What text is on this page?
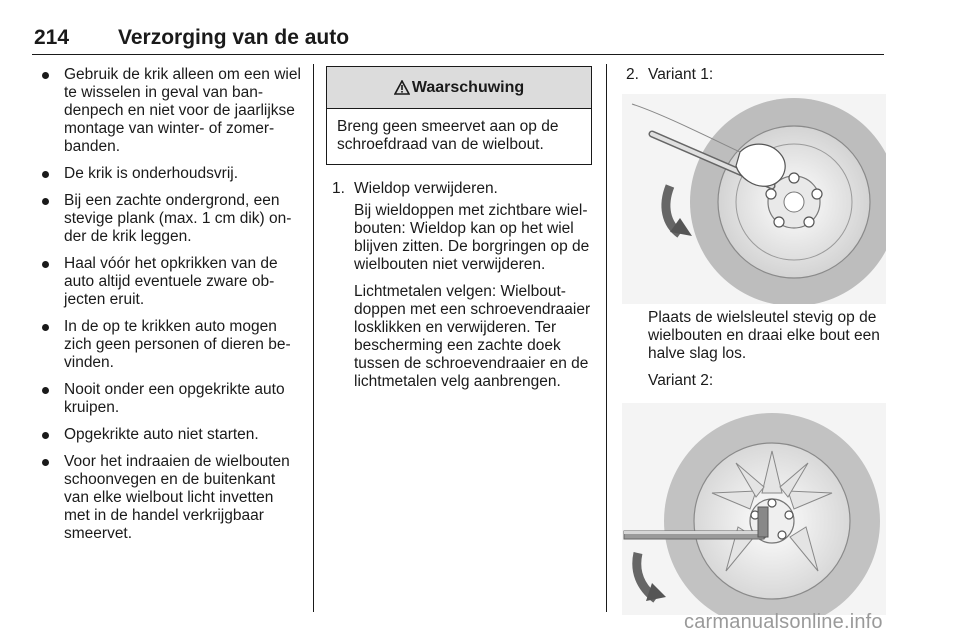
214 Verzorging van de auto
Gebruik de krik alleen om een wiel te wisselen in geval van bandenpech en niet voor de jaarlijkse montage van winter- of zomerbanden.
De krik is onderhoudsvrij.
Bij een zachte ondergrond, een stevige plank (max. 1 cm dik) onder de krik leggen.
Haal vóór het opkrikken van de auto altijd eventuele zware objecten eruit.
In de op te krikken auto mogen zich geen personen of dieren bevinden.
Nooit onder een opgekrikte auto kruipen.
Opgekrikte auto niet starten.
Voor het indraaien de wielbouten schoonvegen en de buitenkant van elke wielbout licht invetten met in de handel verkrijgbaar smeervet.
Waarschuwing
Breng geen smeervet aan op de schroefdraad van de wielbout.
1. Wieldop verwijderen.

Bij wieldoppen met zichtbare wielbouten: Wieldop kan op het wiel blijven zitten. De borgringen op de wielbouten niet verwijderen.

Lichtmetalen velgen: Wielboutdoppen met een schroevendraaier losklikken en verwijderen. Ter bescherming een zachte doek tussen de schroevendraaier en de lichtmetalen velg aanbrengen.

2. Variant 1:

Plaats de wielsleutel stevig op de wielbouten en draai elke bout een halve slag los.

Variant 2:

carmanualsonline.info
